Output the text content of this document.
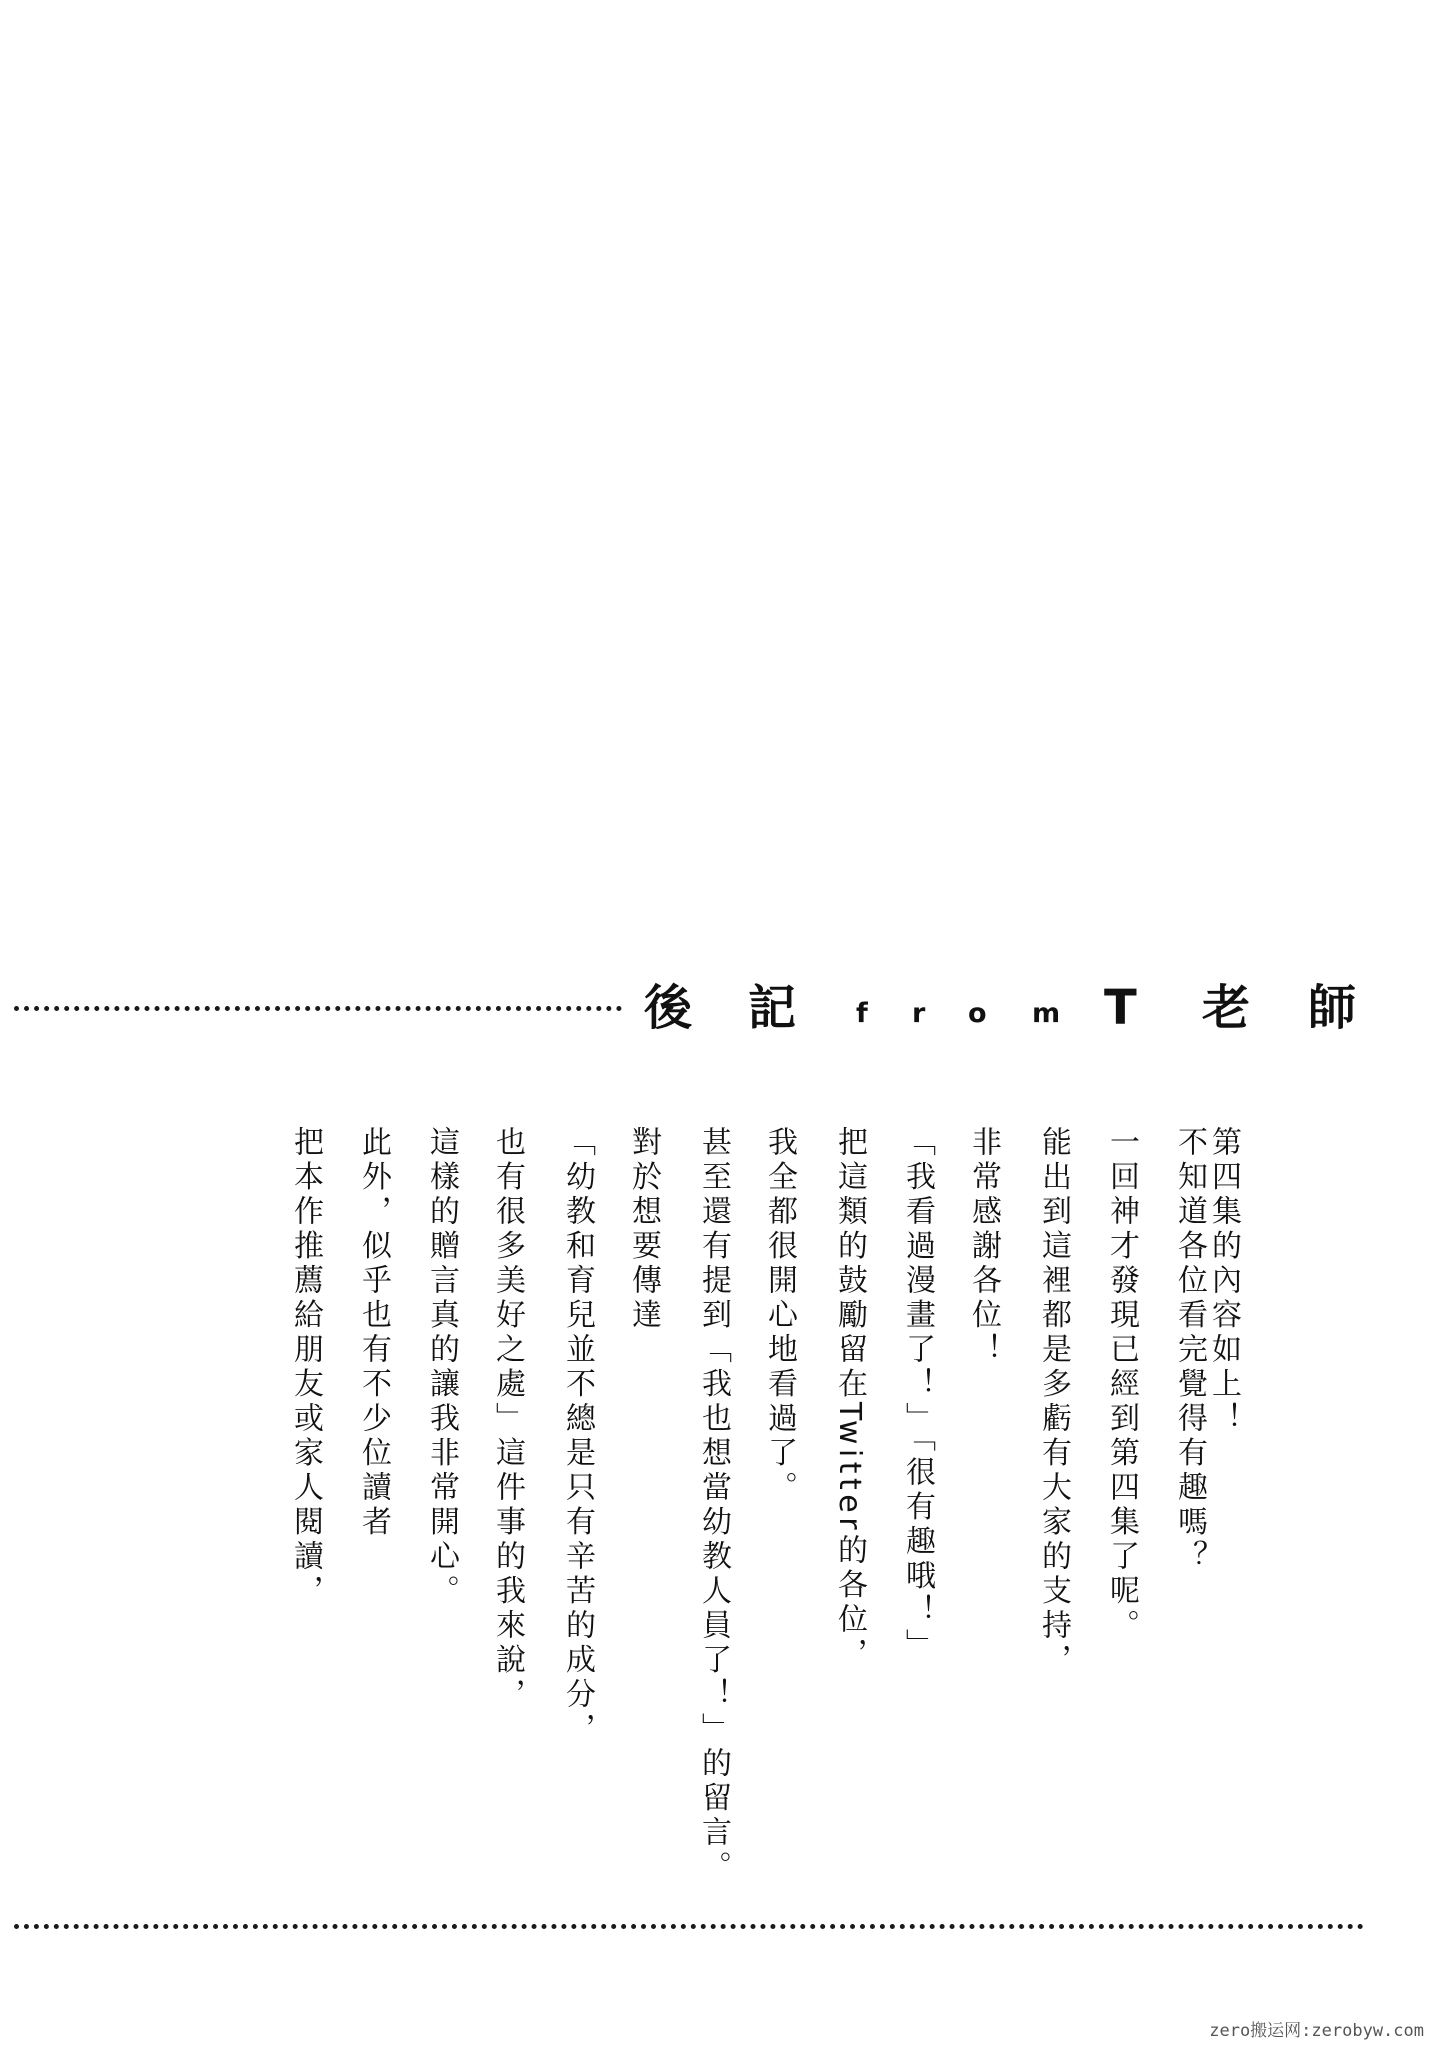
後 記 f r o m T 老 師
第四集的內容如上！
不知道各位看完覺得有趣嗎？
一回神才發現已經到第四集了呢。
能出到這裡都是多虧有大家的支持，
非常感謝各位！
「我看過漫畫了！」「很有趣哦！」
把這類的鼓勵留在Twitter的各位，
我全都很開心地看過了。
甚至還有提到「我也想當幼教人員了！」的留言。
對於想要傳達
「幼教和育兒並不總是只有辛苦的成分，
也有很多美好之處」這件事的我來說，
這樣的贈言真的讓我非常開心。
此外，似乎也有不少位讀者
把本作推薦給朋友或家人閱讀，
zero搬运网:zerobyw.com
